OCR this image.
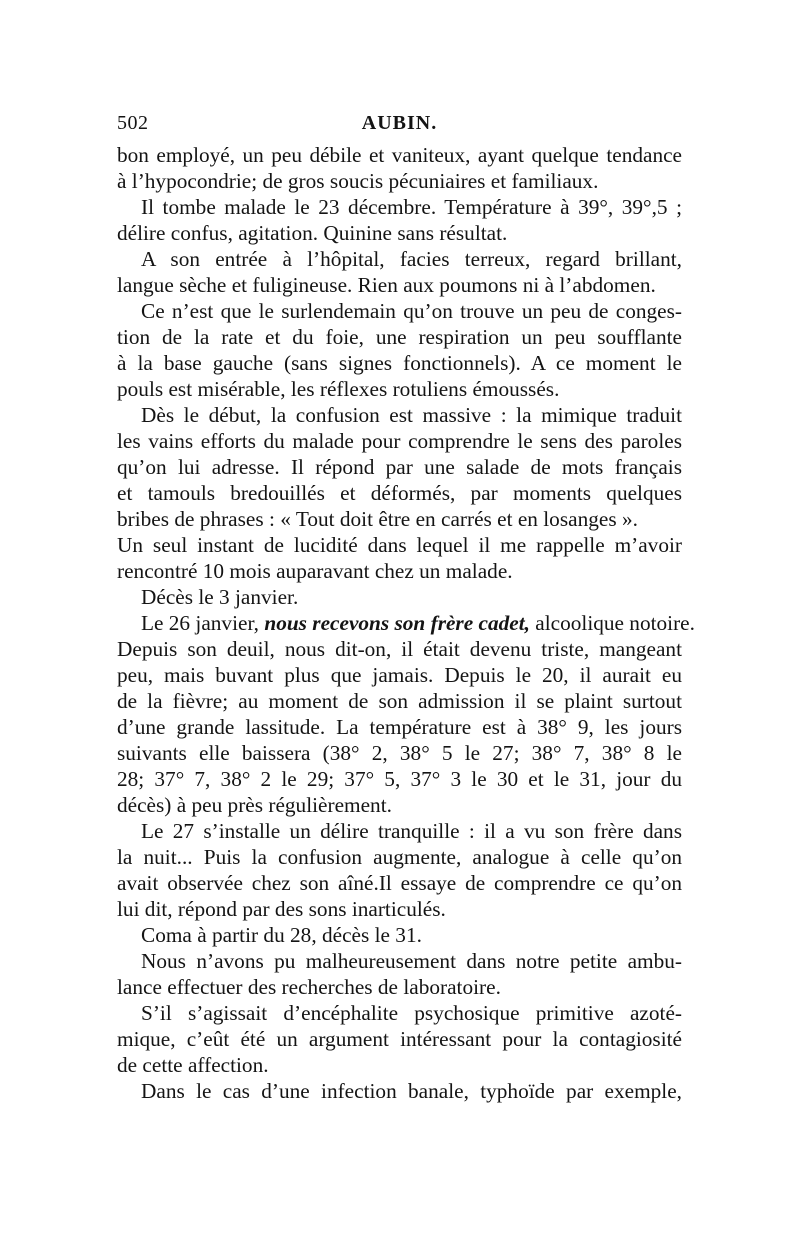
502	AUBIN.
bon employé, un peu débile et vaniteux, ayant quelque tendance
à l’hypocondrie; de gros soucis pécuniaires et familiaux.
Il tombe malade le 23 décembre. Température à 39°, 39°,5 ;
délire confus, agitation. Quinine sans résultat.
A son entrée à l’hôpital, facies terreux, regard brillant,
langue sèche et fuligineuse. Rien aux poumons ni à l’abdomen.
Ce n’est que le surlendemain qu’on trouve un peu de conges-
tion de la rate et du foie, une respiration un peu soufflante
à la base gauche (sans signes fonctionnels). A ce moment le
pouls est misérable, les réflexes rotuliens émoussés.
Dès le début, la confusion est massive : la mimique traduit
les vains efforts du malade pour comprendre le sens des paroles
qu’on lui adresse. Il répond par une salade de mots français
et tamouls bredouillés et déformés, par moments quelques
bribes de phrases : « Tout doit être en carrés et en losanges ».
Un seul instant de lucidité dans lequel il me rappelle m’avoir
rencontré 10 mois auparavant chez un malade.
Décès le 3 janvier.
Le 26 janvier, nous recevons son frère cadet, alcoolique notoire.
Depuis son deuil, nous dit-on, il était devenu triste, mangeant
peu, mais buvant plus que jamais. Depuis le 20, il aurait eu
de la fièvre; au moment de son admission il se plaint surtout
d’une grande lassitude. La température est à 38° 9, les jours
suivants elle baissera (38° 2, 38° 5 le 27; 38° 7, 38° 8 le
28; 37° 7, 38° 2 le 29; 37° 5, 37° 3 le 30 et le 31, jour du
décès) à peu près régulièrement.
Le 27 s’installe un délire tranquille : il a vu son frère dans
la nuit... Puis la confusion augmente, analogue à celle qu’on
avait observée chez son aîné.Il essaye de comprendre ce qu’on
lui dit, répond par des sons inarticulés.
Coma à partir du 28, décès le 31.
Nous n’avons pu malheureusement dans notre petite ambu-
lance effectuer des recherches de laboratoire.
S’il s’agissait d’encéphalite psychosique primitive azoté-
mique, c’eût été un argument intéressant pour la contagiosité
de cette affection.
Dans le cas d’une infection banale, typhoïde par exemple,
